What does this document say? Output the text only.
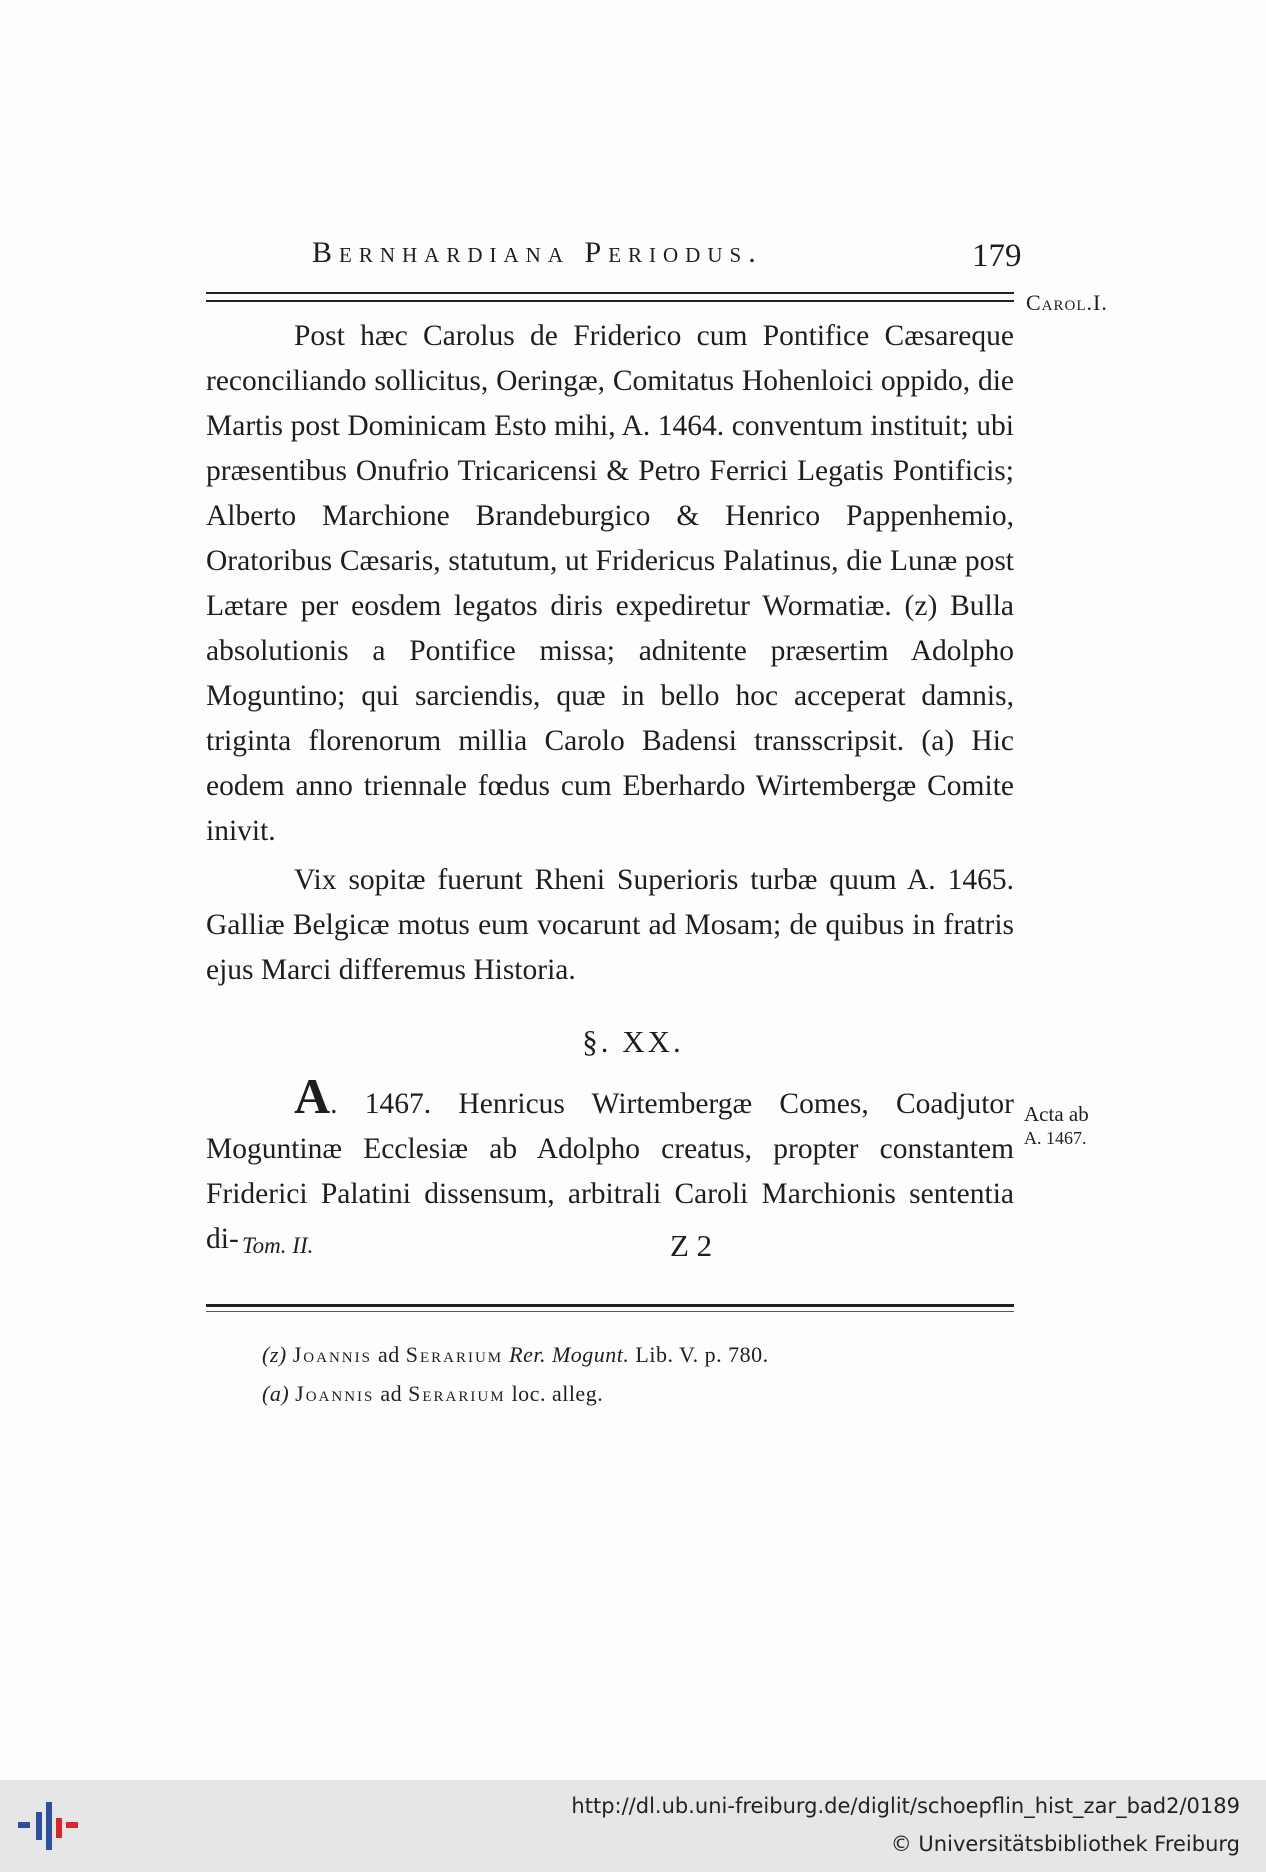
Bernhardiana Periodus.	179
Carol.I.

Post hæc Carolus de Friderico cum Pontifice Cæsareque reconciliando sollicitus, Oeringæ, Comitatus Hohenloici oppido, die Martis post Dominicam Esto mihi, A. 1464. conventum instituit; ubi præsentibus Onufrio Tricaricensi & Petro Ferrici Legatis Pontificis; Alberto Marchione Brandeburgico & Henrico Pappenhemio, Oratoribus Cæsaris, statutum, ut Fridericus Palatinus, die Lunæ post Lætare per eosdem legatos diris expediretur Wormatiæ. (z) Bulla absolutionis a Pontifice missa; adnitente præsertim Adolpho Moguntino; qui sarciendis, quæ in bello hoc acceperat damnis, triginta florenorum millia Carolo Badensi transscripsit. (a) Hic eodem anno triennale fœdus cum Eberhardo Wirtembergæ Comite inivit.

Vix sopitæ fuerunt Rheni Superioris turbæ quum A. 1465. Galliæ Belgicæ motus eum vocarunt ad Mosam; de quibus in fratris ejus Marci differemus Historia.

§. XX.

A. 1467. Henricus Wirtembergæ Comes, Coadjutor Moguntinæ Ecclesiæ ab Adolpho creatus, propter constantem Friderici Palatini dissensum, arbitrali Caroli Marchionis sententia di-

Acta ab
A. 1467.
Tom. II.	Z 2
(z) Joannis ad Serarium Rer. Mogunt. Lib. V. p. 780.
(a) Joannis ad Serarium loc. alleg.
http://dl.ub.uni-freiburg.de/diglit/schoepflin_hist_zar_bad2/0189
© Universitätsbibliothek Freiburg
